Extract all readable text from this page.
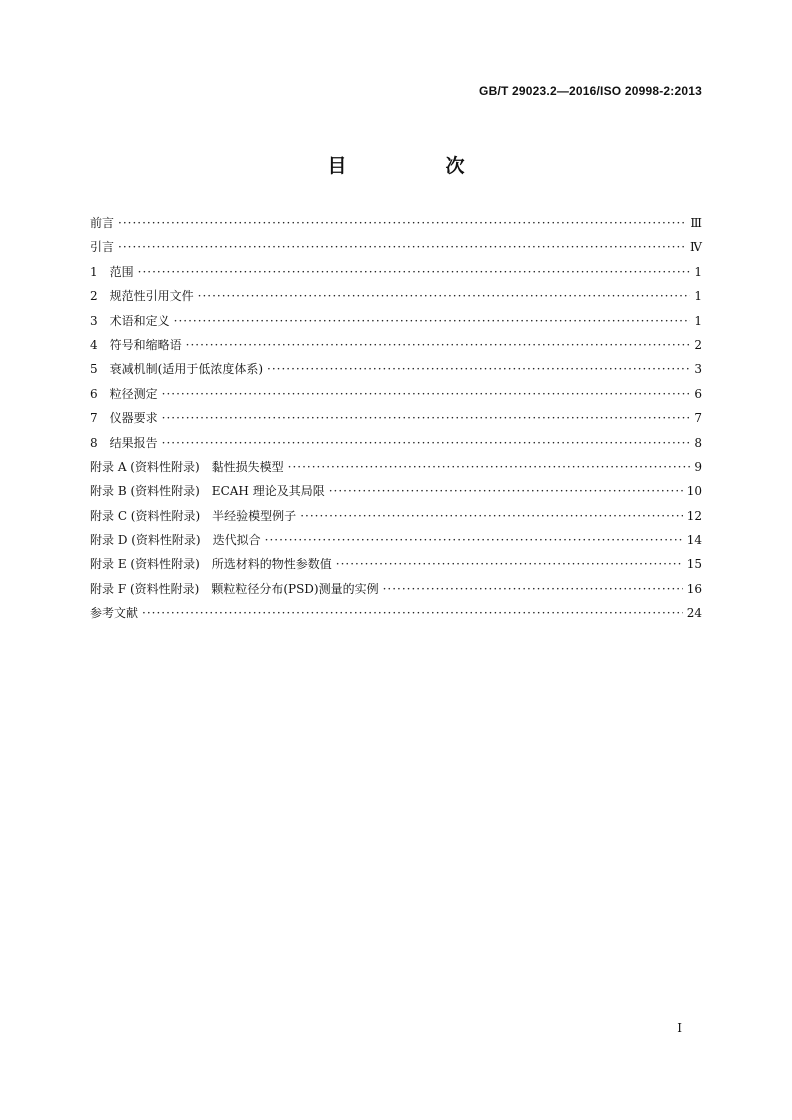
GB/T 29023.2—2016/ISO 20998-2:2013
目　次
前言 ·····	Ⅲ
引言 ·····	Ⅳ
1　范围 ·····	1
2　规范性引用文件 ·····	1
3　术语和定义 ·····	1
4　符号和缩略语 ·····	2
5　衰减机制(适用于低浓度体系) ·····	3
6　粒径测定 ·····	6
7　仪器要求 ·····	7
8　结果报告 ·····	8
附录 A (资料性附录)　黏性损失模型 ·····	9
附录 B (资料性附录)　ECAH 理论及其局限 ·····	10
附录 C (资料性附录)　半经验模型例子 ·····	12
附录 D (资料性附录)　迭代拟合 ·····	14
附录 E (资料性附录)　所选材料的物性参数值 ·····	15
附录 F (资料性附录)　颗粒粒径分布(PSD)测量的实例 ·····	16
参考文献 ·····	24
I
